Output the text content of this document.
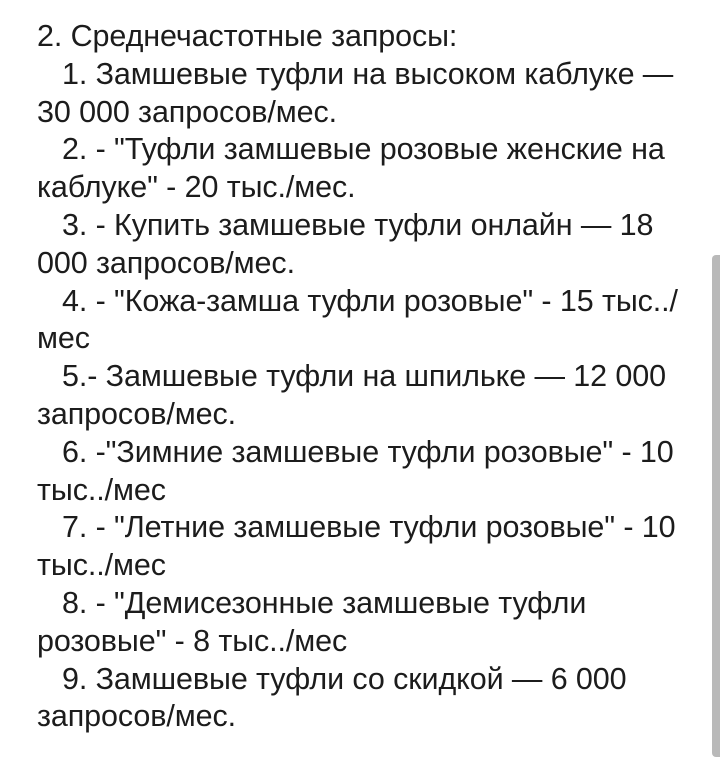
2. Среднечастотные запросы:
1. Замшевые туфли на высоком каблуке — 30 000 запросов/мес.
2. - "Туфли замшевые розовые женские на каблуке" - 20 тыс./мес.
3. - Купить замшевые туфли онлайн — 18 000 запросов/мес.
4. - "Кожа-замша туфли розовые" - 15 тыс../мес
5.- Замшевые туфли на шпильке — 12 000 запросов/мес.
6. -"Зимние замшевые туфли розовые" - 10 тыс../мес
7. - "Летние замшевые туфли розовые" - 10 тыс../мес
8. - "Демисезонные замшевые туфли розовые" - 8 тыс../мес
9. Замшевые туфли со скидкой — 6 000 запросов/мес.
